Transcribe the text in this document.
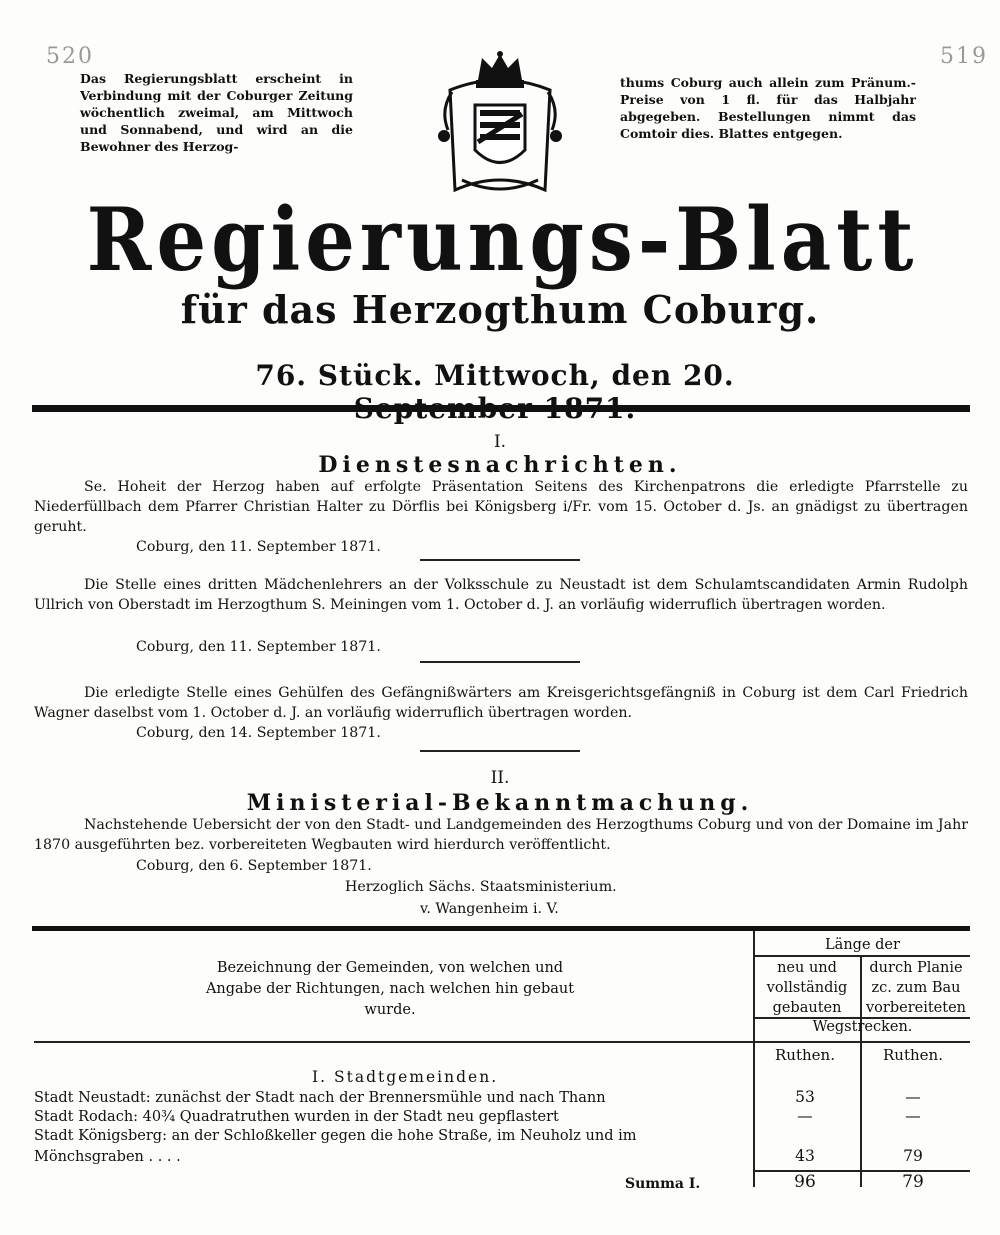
520	519
Das Regierungsblatt erscheint in Verbindung mit der Coburger Zeitung wöchentlich zweimal, am Mittwoch und Sonnabend, und wird an die Bewohner des Herzog-
thums Coburg auch allein zum Pränum.-Preise von 1 fl. für das Halbjahr abgegeben. Bestellungen nimmt das Comtoir dies. Blattes entgegen.
Regierungs-Blatt
für das Herzogthum Coburg.
76. Stück. Mittwoch, den 20.
I.
Dienstesnachrichten.
Se. Hoheit der Herzog haben auf erfolgte Präsentation Seitens des Kirchenpatrons die erledigte Pfarrstelle zu Niederfüllbach dem Pfarrer Christian Halter zu Dörflis bei Königsberg i/Fr. vom 15. October d. Js. an gnädigst zu übertragen geruht.
Coburg, den 11. September 1871.
Die Stelle eines dritten Mädchenlehrers an der Volksschule zu Neustadt ist dem Schulamtscandidaten Armin Rudolph Ullrich von Oberstadt im Herzogthum S. Meiningen vom 1. October d. J. an vorläufig widerruflich übertragen worden.
Coburg, den 11. September 1871.
Die erledigte Stelle eines Gehülfen des Gefängnißwärters am Kreisgerichtsgefängniß in Coburg ist dem Carl Friedrich Wagner daselbst vom 1. October d. J. an vorläufig widerruflich übertragen worden.
Coburg, den 14. September 1871.
II.
Ministerial-Bekanntmachung.
Nachstehende Uebersicht der von den Stadt- und Landgemeinden des Herzogthums Coburg und von der Domaine im Jahr 1870 ausgeführten bez. vorbereiteten Wegbauten wird hierdurch veröffentlicht.
Coburg, den 6. September 1871.
Herzoglich Sächs. Staatsministerium.
v. Wangenheim i. V.
Bezeichnung der Gemeinden, von welchen und Angabe der Richtungen, nach welchen hin gebaut wurde.
Länge der
neu und vollständig gebauten
durch Planie zc. zum Bau vorbereiteten
Wegstrecken.
Ruthen.	Ruthen.
I. Stadtgemeinden.
Stadt Neustadt: zunächst der Stadt nach der Brennersmühle und nach Thann	53	—
Stadt Rodach: 40¾ Quadratruthen wurden in der Stadt neu gepflastert	—	—
Stadt Königsberg: an der Schloßkeller gegen die hohe Straße, im Neuholz und im Mönchsgraben . . . .	43	79
Summa I.	96	79
